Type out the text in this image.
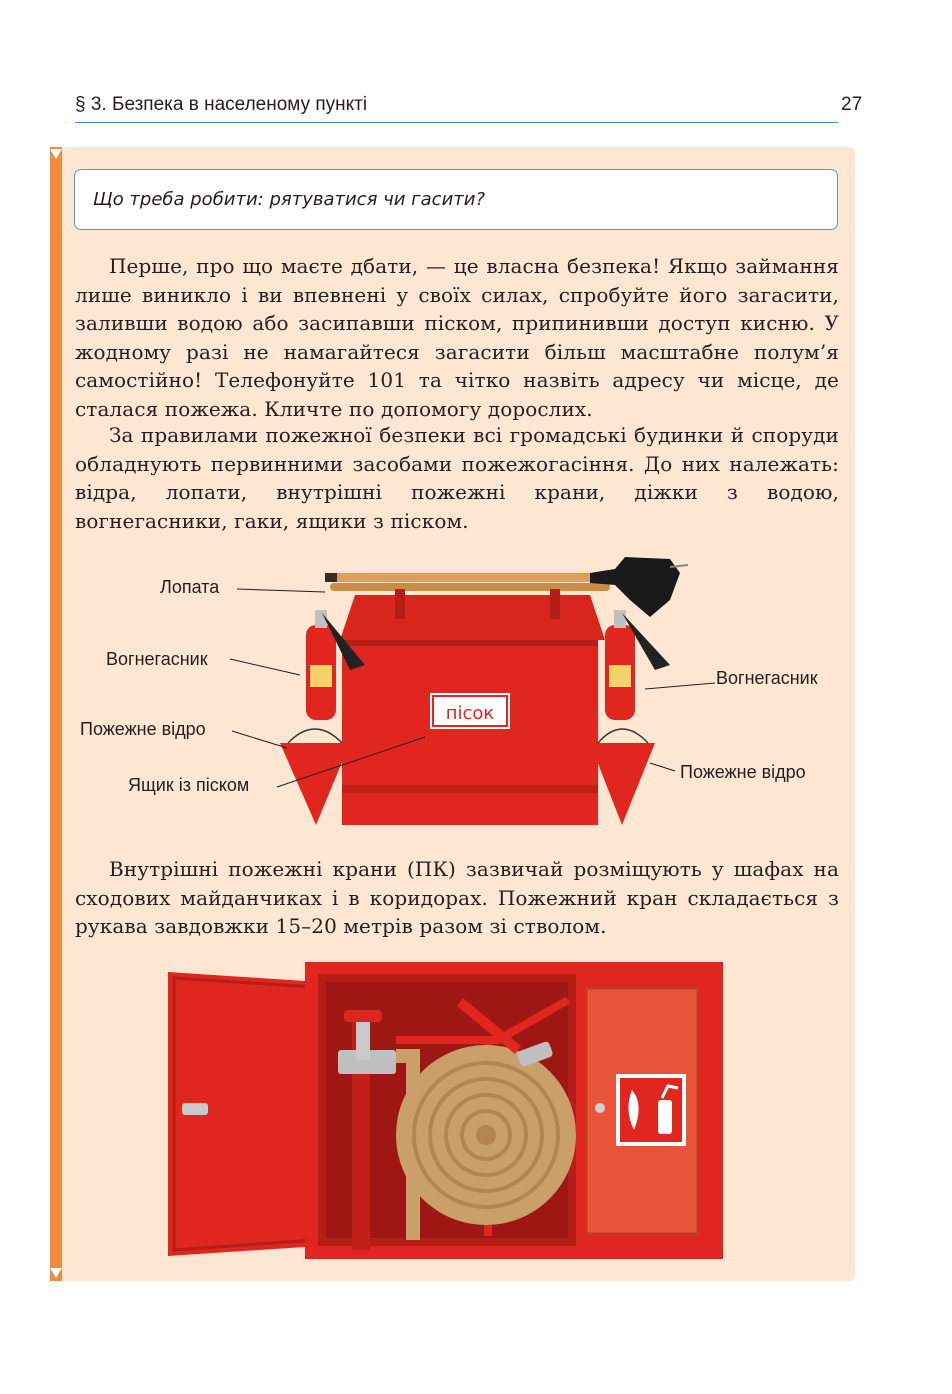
§ 3. Безпека в населеному пункті	27
Що треба робити: рятуватися чи гасити?

Перше, про що маєте дбати, — це власна безпека! Якщо займання лише виникло і ви впевнені у своїх силах, спробуйте його загасити, заливши водою або засипавши піском, припинивши доступ кисню. У жодному разі не намагайтеся загасити більш масштабне полум’я самостійно! Телефонуйте 101 та чітко назвіть адресу чи місце, де сталася пожежа. Кличте по допомогу дорослих.

За правилами пожежної безпеки всі громадські будинки й споруди обладнують первинними засобами пожежогасіння. До них належать: відра, лопати, внутрішні пожежні крани, діжки з водою, вогнегасники, гаки, ящики з піском.

пісок
Лопата
Вогнегасник
Пожежне відро
Ящик із піском
Вогнегасник
Пожежне відро

Внутрішні пожежні крани (ПК) зазвичай розміщують у шафах на сходових майданчиках і в коридорах. Пожежний кран складається з рукава завдовжки 15–20 метрів разом зі стволом.
